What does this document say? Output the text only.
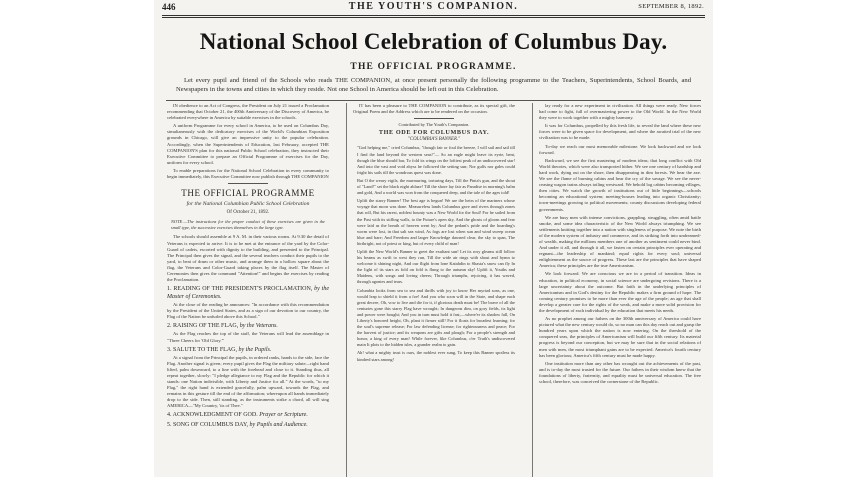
446	THE YOUTH'S COMPANION.	SEPTEMBER 8, 1892.
National School Celebration of Columbus Day.
THE OFFICIAL PROGRAMME.
Let every pupil and friend of the Schools who reads THE COMPANION, at once present personally the following programme to the Teachers, Superintendents, School Boards, and Newspapers in the towns and cities in which they reside. Not one School in America should be left out in this Celebration.

IN obedience to an Act of Congress, the President on July 21 issued a Proclamation recommending that October 21, the 400th Anniversary of the Discovery of America, be celebrated everywhere in America by suitable exercises in the schools.

A uniform Programme for every school in America, to be used on Columbus Day, simultaneously with the dedicatory exercises of the World's Columbian Exposition grounds in Chicago, will give an impressive unity to the popular celebration. Accordingly, when the Superintendents of Education, last February, accepted THE COMPANION'S plan for this national Public School celebration, they instructed their Executive Committee to prepare an Official Programme of exercises for the Day, uniform for every school.

To enable preparations for the National School Celebration in every community to begin immediately, this Executive Committee now publish through THE COMPANION

THE OFFICIAL PROGRAMME

for the National Columbian Public School Celebration

Of October 21, 1892.

NOTE.—The instructions for the proper conduct of these exercises are given in the small type, the successive exercises themselves in the large type.

The schools should assemble at 9 A. M. in their various rooms. At 9.30 the detail of Veterans is expected to arrive. It is to be met at the entrance of the yard by the Color-Guard of cadets, escorted with dignity to the building, and presented to the Principal. The Principal then gives the signal, and the several teachers conduct their pupils to the yard, to beat of drum or other music, and arrange them in a hollow square about the flag, the Veterans and Color-Guard taking places by the flag itself. The Master of Ceremonies then gives the command "Attention!" and begins the exercises by reading the Proclamation.

1. READING OF THE PRESIDENT'S PROCLAMATION, by the Master of Ceremonies.

At the close of the reading he announces: "In accordance with this recommendation by the President of the United States, and as a sign of our devotion to our country, the Flag of the Nation be unfurled above this School."

2. RAISING OF THE FLAG, by the Veterans.

As the Flag reaches the top of the staff, the Veterans will lead the assemblage in "Three Cheers for 'Old Glory.'"

3. SALUTE TO THE FLAG, by the Pupils.

At a signal from the Principal the pupils, in ordered ranks, hands to the side, face the Flag. Another signal is given; every pupil gives the Flag the military salute—right hand lifted, palm downward, to a line with the forehead and close to it. Standing thus, all repeat together, slowly: "I pledge allegiance to my Flag and the Republic for which it stands: one Nation indivisible, with Liberty and Justice for all." At the words, "to my Flag," the right hand is extended gracefully, palm upward, towards the Flag, and remains in this gesture till the end of the affirmation; whereupon all hands immediately drop to the side. Then, still standing, as the instruments strike a chord, all will sing AMERICA—"My Country, 'tis of Thee."

4. ACKNOWLEDGMENT OF GOD. Prayer or Scripture.

5. SONG OF COLUMBUS DAY, by Pupils and Audience.

IT has been a pleasure to THE COMPANION to contribute, as its special gift, the Original Poem and the Address which are to be rendered on the occasion.

Contributed by The Youth's Companion.

THE ODE FOR COLUMBUS DAY.

"COLUMBIA'S BANNER."

"God helping me," cried Columbus, "though fair or foul the breeze, I will sail and sail till I find the land beyond the western seas!"— So an eagle might leave its eyrie, bent, though the blue should bar, To fold its wings on the loftiest peak of an undiscovered star! And into the vast and void abyss he followed the setting sun; Nor gulfs nor gales could fright his sails till the wondrous quest was done.

But O the weary vigils, the murmuring, torturing days, Till the Pinta's gun, and the shout of "Land!" set the black night ablaze! Till the shore lay fair as Paradise in morning's balm and gold, And a world was won from the conquered deep, and the tale of the ages told!

Uplift the starry Banner! The best age is begun! We are the heirs of the mariners whose voyage that morn was done. Measureless lands Columbus gave and rivers through zones that roll, But his rarest, noblest bounty was a New World for the Soul! For he sailed from the Past with its stifling walls, to the Future's open sky, And the ghosts of gloom and fear were laid as the breath of heaven went by; And the pedant's pride and the hoarding's worm were lost, in that salt sea wind, As fogs are lost when sun and wind sweep ocean blue and bare; And Freedom and larger Knowledge dawned clear, the sky to span, The birthright, not of priest or king, but of every child of man!

Uplift the New World's Banner to greet the exultant sun! Let its rosy gleams still follow his beams as swift to west they run, Till the wide air rings with shout and hymn to welcome it shining night, And our flight from lone Katahdin to Shasta's snow can fly In the light of its stars as fold on fold is flung to the autumn sky! Uplift it, Youths and Maidens, with songs and loving cheers; Through triumphs, rejoicing, it has waved, through agonies and tears.

Columbia looks from sea to sea and thrills with joy to know Her myriad sons, as one, would leap to shield it from a foe! And you who soon will in the State, and shape each great decree, Oh, vow to live and die for it, if glorious death must be! The brave of all the centuries gone this starry Flag have wrought; In dungeons dim, on gory fields, its light and power were bought; And you in turn must hold it fast,—where'er its shadow fall, On Liberty's honored height, Oh, plant it firmer still! For it floats for broadest learning; for the soul's supreme release; For law defending license; for righteousness and peace; For the harvest of justice; and its weapons are gifts and plough; For a people's strength and honor, a king of every man! While forever, like Columbus, o'er Truth's undiscovered main It plots to the hidden isles, a grander realm to gain.

Ah! what a mighty trust is ours, the noblest ever sung, To keep this Banner spotless its kindred stars among!

lay ready for a new experiment in civilization. All things were ready. New forces had come to fight, full of overmastering power to the Old World. In the New World they were to work together with a mighty harmony.

It was for Columbus, propelled by this fresh life, to reveal the land where these new forces were to be given space for development, and where the awaited trial of the new civilization was to be made.

To-day we reach our most memorable milestone. We look backward and we look forward.

Backward, we see the first mastering of modern ideas; that long conflict with Old World theories, which were also transported hither. We see one century of hardship and hard work, dying out on the shore, then disappearing in dim forests. We hear the axe. We see the flame of burning cabins and hear the cry of the savage. We see the never-ceasing wagon trains always toiling westward. We behold log cabins becoming villages, then cities. We watch the growth of institutions out of little beginnings—schools becoming an educational system; meeting-houses leading into organic Christianity; town-meetings growing to political movements; county discussions developing federal governments.

We are busy men with intense convictions, grappling, struggling, often amid battle smoke, and some idea characteristic of the New World always triumphing. We see settlements knitting together into a nation with singleness of purpose. We note the birth of the modern system of industry and commerce, and its striking forth into undreamed-of wealth, making the millions members one of another as sentiment could never bind. And under it all, and through it all, we fasten on certain principles ever operating and regnant—the leadership of mankind; equal rights for every soul; universal enlightenment as the source of progress. These last are the principles that have shaped America; these principles are the true Americanism.

We look forward. We are conscious we are in a period of transition. Ideas in education, in political economy, in social science are undergoing revisions. There is a large uncertainty about the outcome. But faith in the underlying principles of Americanism and in God's destiny for the Republic makes a firm ground of hope. The coming century promises to be more than ever the age of the people; an age that shall develop a greater care for the rights of the weak, and make a more solid provision for the development of each individual by the education that meets his needs.

As no prophet among our fathers on the 300th anniversary of America could have pictured what the new century would do, so no man can this day reach out and grasp the hundred years upon which the nation is now entering. On the threshold of the conquered seas, the principles of Americanism will build our fifth century. Its material progress is beyond our conception, but we may be sure that in the social relations of men with men, the most triumphant gains are to be expected. America's fourth century has been glorious; America's fifth century must be made happy.

One institution more than any other has wrought out the achievements of the past, and is to-day the most trusted for the future. Our fathers in their wisdom knew that the foundations of liberty, fraternity, and equality must be universal education. The free school, therefore, was conceived the cornerstone of the Republic.
